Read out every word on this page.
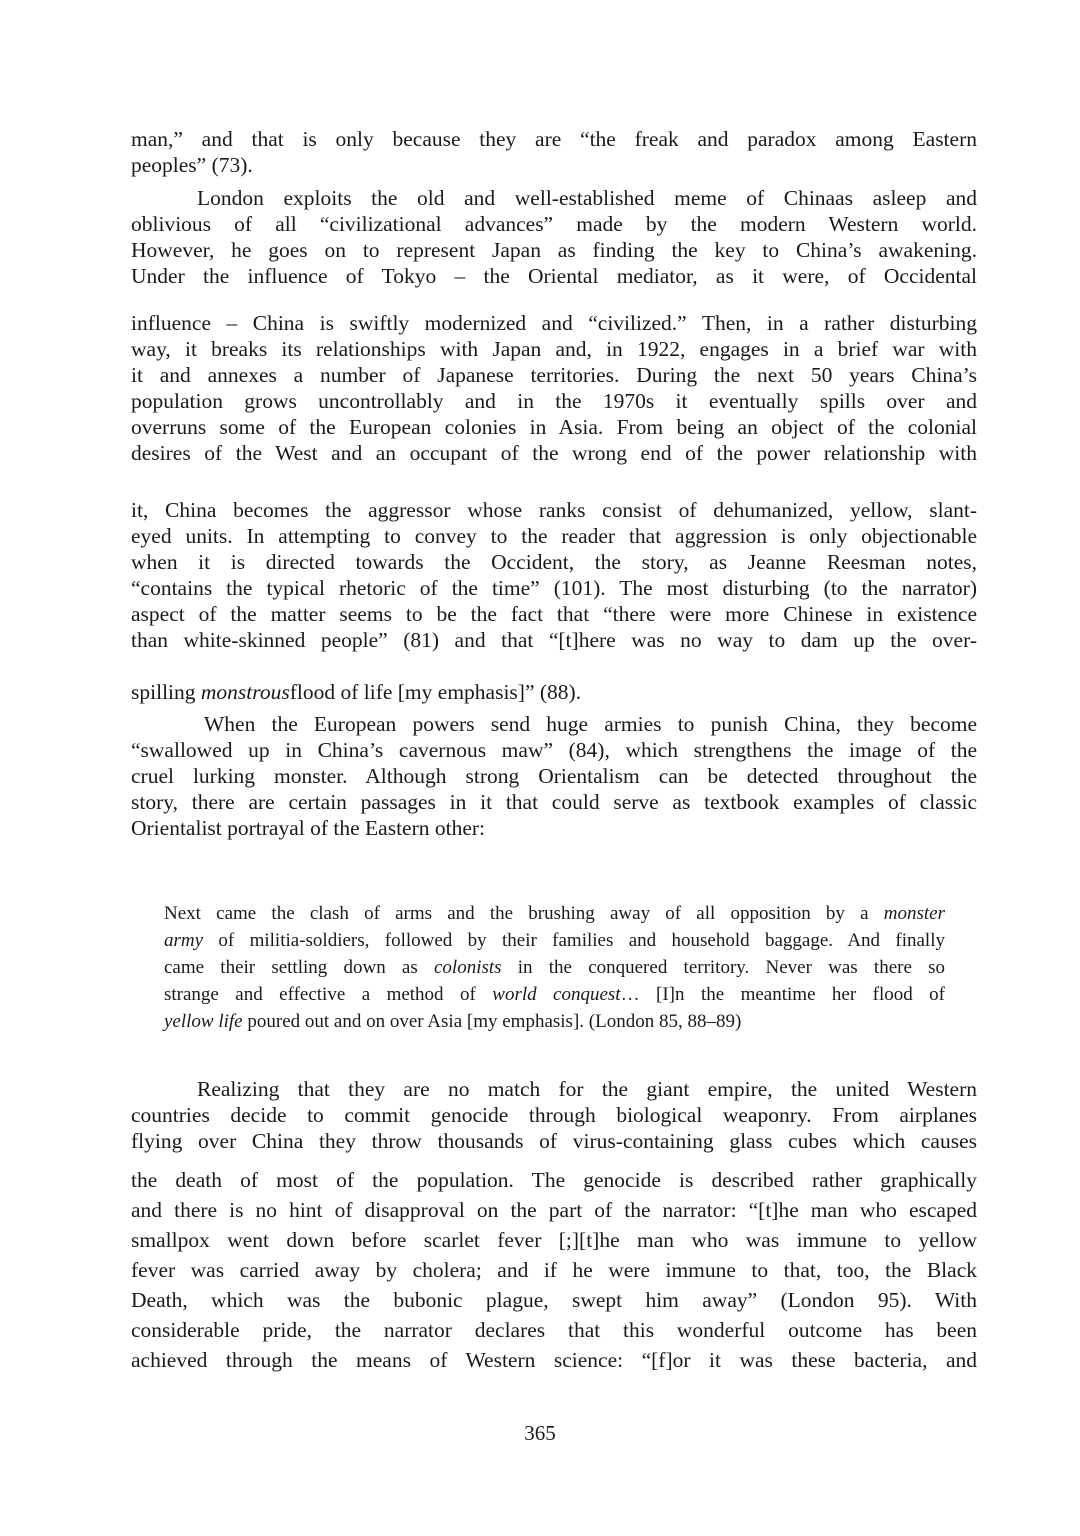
man,” and that is only because they are “the freak and paradox among Eastern
peoples” (73).
London exploits the old and well-established meme of Chinaas asleep and
oblivious of all “civilizational advances” made by the modern Western world.
However, he goes on to represent Japan as finding the key to China’s awakening.
Under the influence of Tokyo – the Oriental mediator, as it were, of Occidental
influence – China is swiftly modernized and “civilized.” Then, in a rather disturbing
way, it breaks its relationships with Japan and, in 1922, engages in a brief war with
it and annexes a number of Japanese territories. During the next 50 years China’s
population grows uncontrollably and in the 1970s it eventually spills over and
overruns some of the European colonies in Asia. From being an object of the colonial
desires of the West and an occupant of the wrong end of the power relationship with
it, China becomes the aggressor whose ranks consist of dehumanized, yellow, slant-
eyed units. In attempting to convey to the reader that aggression is only objectionable
when it is directed towards the Occident, the story, as Jeanne Reesman notes,
“contains the typical rhetoric of the time” (101). The most disturbing (to the narrator)
aspect of the matter seems to be the fact that “there were more Chinese in existence
than white-skinned people” (81) and that “[t]here was no way to dam up the over-
spilling monstrousflood of life [my emphasis]” (88).
When the European powers send huge armies to punish China, they become
“swallowed up in China’s cavernous maw” (84), which strengthens the image of the
cruel lurking monster. Although strong Orientalism can be detected throughout the
story, there are certain passages in it that could serve as textbook examples of classic
Orientalist portrayal of the Eastern other:
Next came the clash of arms and the brushing away of all opposition by a monster
army of militia-soldiers, followed by their families and household baggage. And finally
came their settling down as colonists in the conquered territory. Never was there so
strange and effective a method of world conquest… [I]n the meantime her flood of
yellow life poured out and on over Asia [my emphasis]. (London 85, 88–89)
Realizing that they are no match for the giant empire, the united Western
countries decide to commit genocide through biological weaponry. From airplanes
flying over China they throw thousands of virus-containing glass cubes which causes
the death of most of the population. The genocide is described rather graphically
and there is no hint of disapproval on the part of the narrator: “[t]he man who escaped
smallpox went down before scarlet fever [;][t]he man who was immune to yellow
fever was carried away by cholera; and if he were immune to that, too, the Black
Death, which was the bubonic plague, swept him away” (London 95). With
considerable pride, the narrator declares that this wonderful outcome has been
achieved through the means of Western science: “[f]or it was these bacteria, and
365
